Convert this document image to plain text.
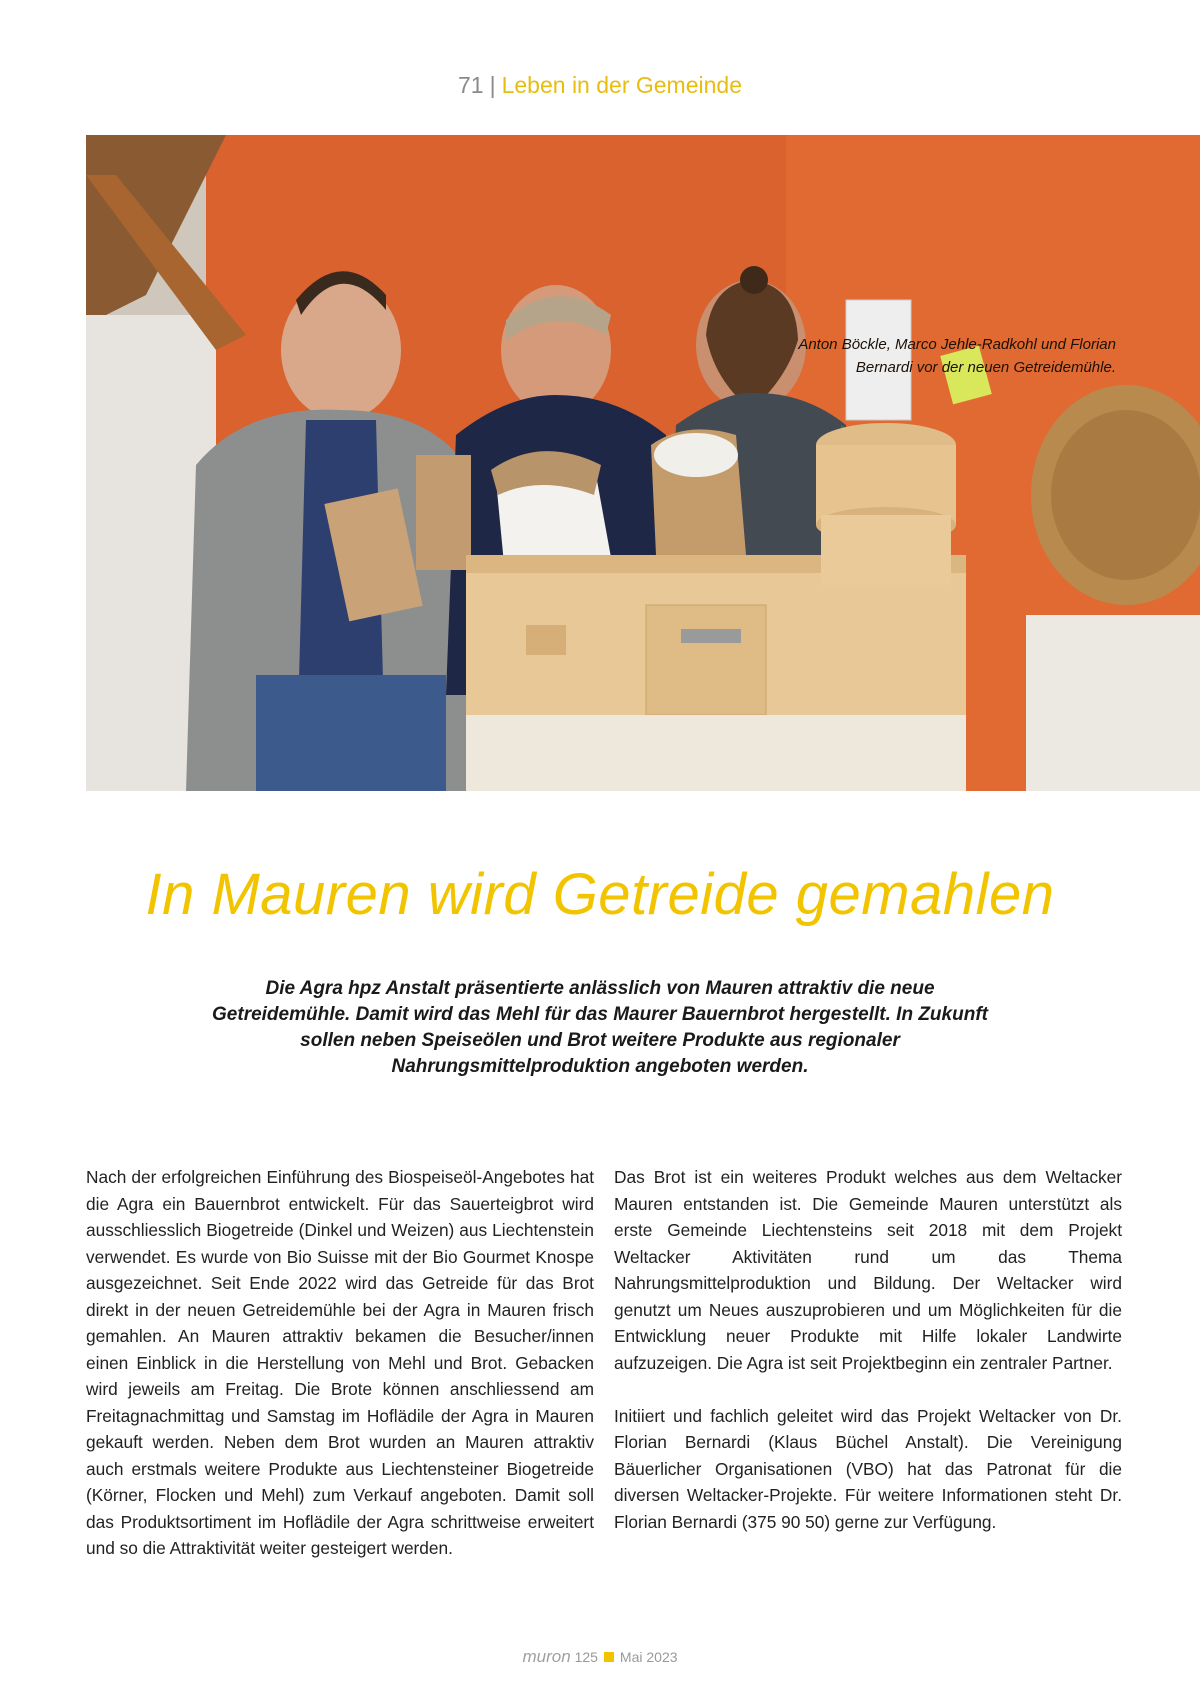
71 | Leben in der Gemeinde
Anton Böckle, Marco Jehle-Radkohl und Florian Bernardi vor der neuen Getreidemühle.
In Mauren wird Getreide gemahlen

Die Agra hpz Anstalt präsentierte anlässlich von Mauren attraktiv die neue Getreidemühle. Damit wird das Mehl für das Maurer Bauernbrot hergestellt. In Zukunft sollen neben Speiseölen und Brot weitere Produkte aus regionaler Nahrungsmittelproduktion angeboten werden.

Nach der erfolgreichen Einführung des Biospeiseöl-Angebotes hat die Agra ein Bauernbrot entwickelt. Für das Sauerteigbrot wird ausschliesslich Biogetreide (Dinkel und Weizen) aus Liechtenstein verwendet. Es wurde von Bio Suisse mit der Bio Gourmet Knospe ausgezeichnet. Seit Ende 2022 wird das Getreide für das Brot direkt in der neuen Getreidemühle bei der Agra in Mauren frisch gemahlen. An Mauren attraktiv bekamen die Besucher/innen einen Einblick in die Herstellung von Mehl und Brot. Gebacken wird jeweils am Freitag. Die Brote können anschliessend am Freitagnachmittag und Samstag im Hoflädile der Agra in Mauren gekauft werden. Neben dem Brot wurden an Mauren attraktiv auch erstmals weitere Produkte aus Liechtensteiner Biogetreide (Körner, Flocken und Mehl) zum Verkauf angeboten. Damit soll das Produktsortiment im Hoflädile der Agra schrittweise erweitert und so die Attraktivität weiter gesteigert werden.

Das Brot ist ein weiteres Produkt welches aus dem Weltacker Mauren entstanden ist. Die Gemeinde Mauren unterstützt als erste Gemeinde Liechtensteins seit 2018 mit dem Projekt Weltacker Aktivitäten rund um das Thema Nahrungsmittelproduktion und Bildung. Der Weltacker wird genutzt um Neues auszuprobieren und um Möglichkeiten für die Entwicklung neuer Produkte mit Hilfe lokaler Landwirte aufzuzeigen. Die Agra ist seit Projektbeginn ein zentraler Partner.

Initiiert und fachlich geleitet wird das Projekt Weltacker von Dr. Florian Bernardi (Klaus Büchel Anstalt). Die Vereinigung Bäuerlicher Organisationen (VBO) hat das Patronat für die diversen Weltacker-Projekte. Für weitere Informationen steht Dr. Florian Bernardi (375 90 50) gerne zur Verfügung.

muron 125 Mai 2023
